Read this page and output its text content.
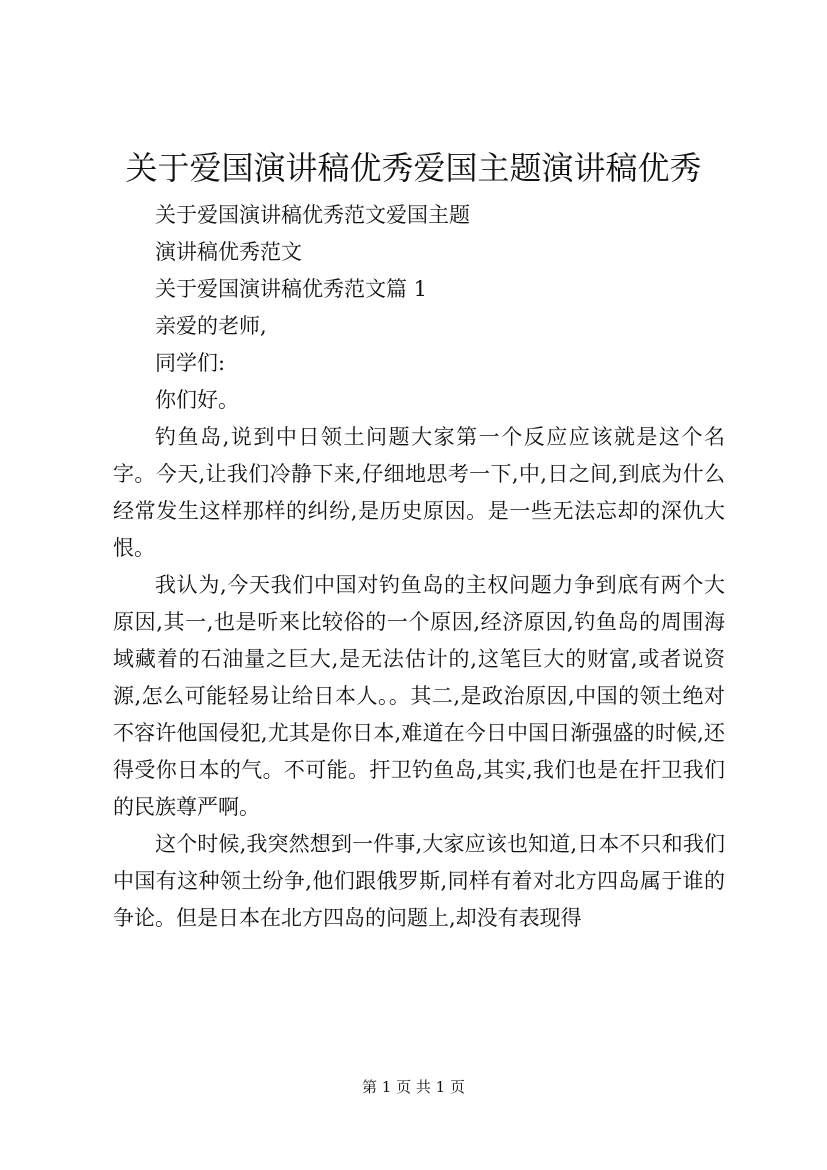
关于爱国演讲稿优秀爱国主题演讲稿优秀

关于爱国演讲稿优秀范文爱国主题

演讲稿优秀范文

关于爱国演讲稿优秀范文篇 1

亲爱的老师,

同学们:

你们好。

钓鱼岛,说到中日领土问题大家第一个反应应该就是这个名字。今天,让我们冷静下来,仔细地思考一下,中,日之间,到底为什么经常发生这样那样的纠纷,是历史原因。是一些无法忘却的深仇大恨。

我认为,今天我们中国对钓鱼岛的主权问题力争到底有两个大原因,其一,也是听来比较俗的一个原因,经济原因,钓鱼岛的周围海域藏着的石油量之巨大,是无法估计的,这笔巨大的财富,或者说资源,怎么可能轻易让给日本人。。其二,是政治原因,中国的领土绝对不容许他国侵犯,尤其是你日本,难道在今日中国日渐强盛的时候,还得受你日本的气。不可能。扞卫钓鱼岛,其实,我们也是在扞卫我们的民族尊严啊。

这个时候,我突然想到一件事,大家应该也知道,日本不只和我们中国有这种领土纷争,他们跟俄罗斯,同样有着对北方四岛属于谁的争论。但是日本在北方四岛的问题上,却没有表现得

第 1 页 共 1 页
